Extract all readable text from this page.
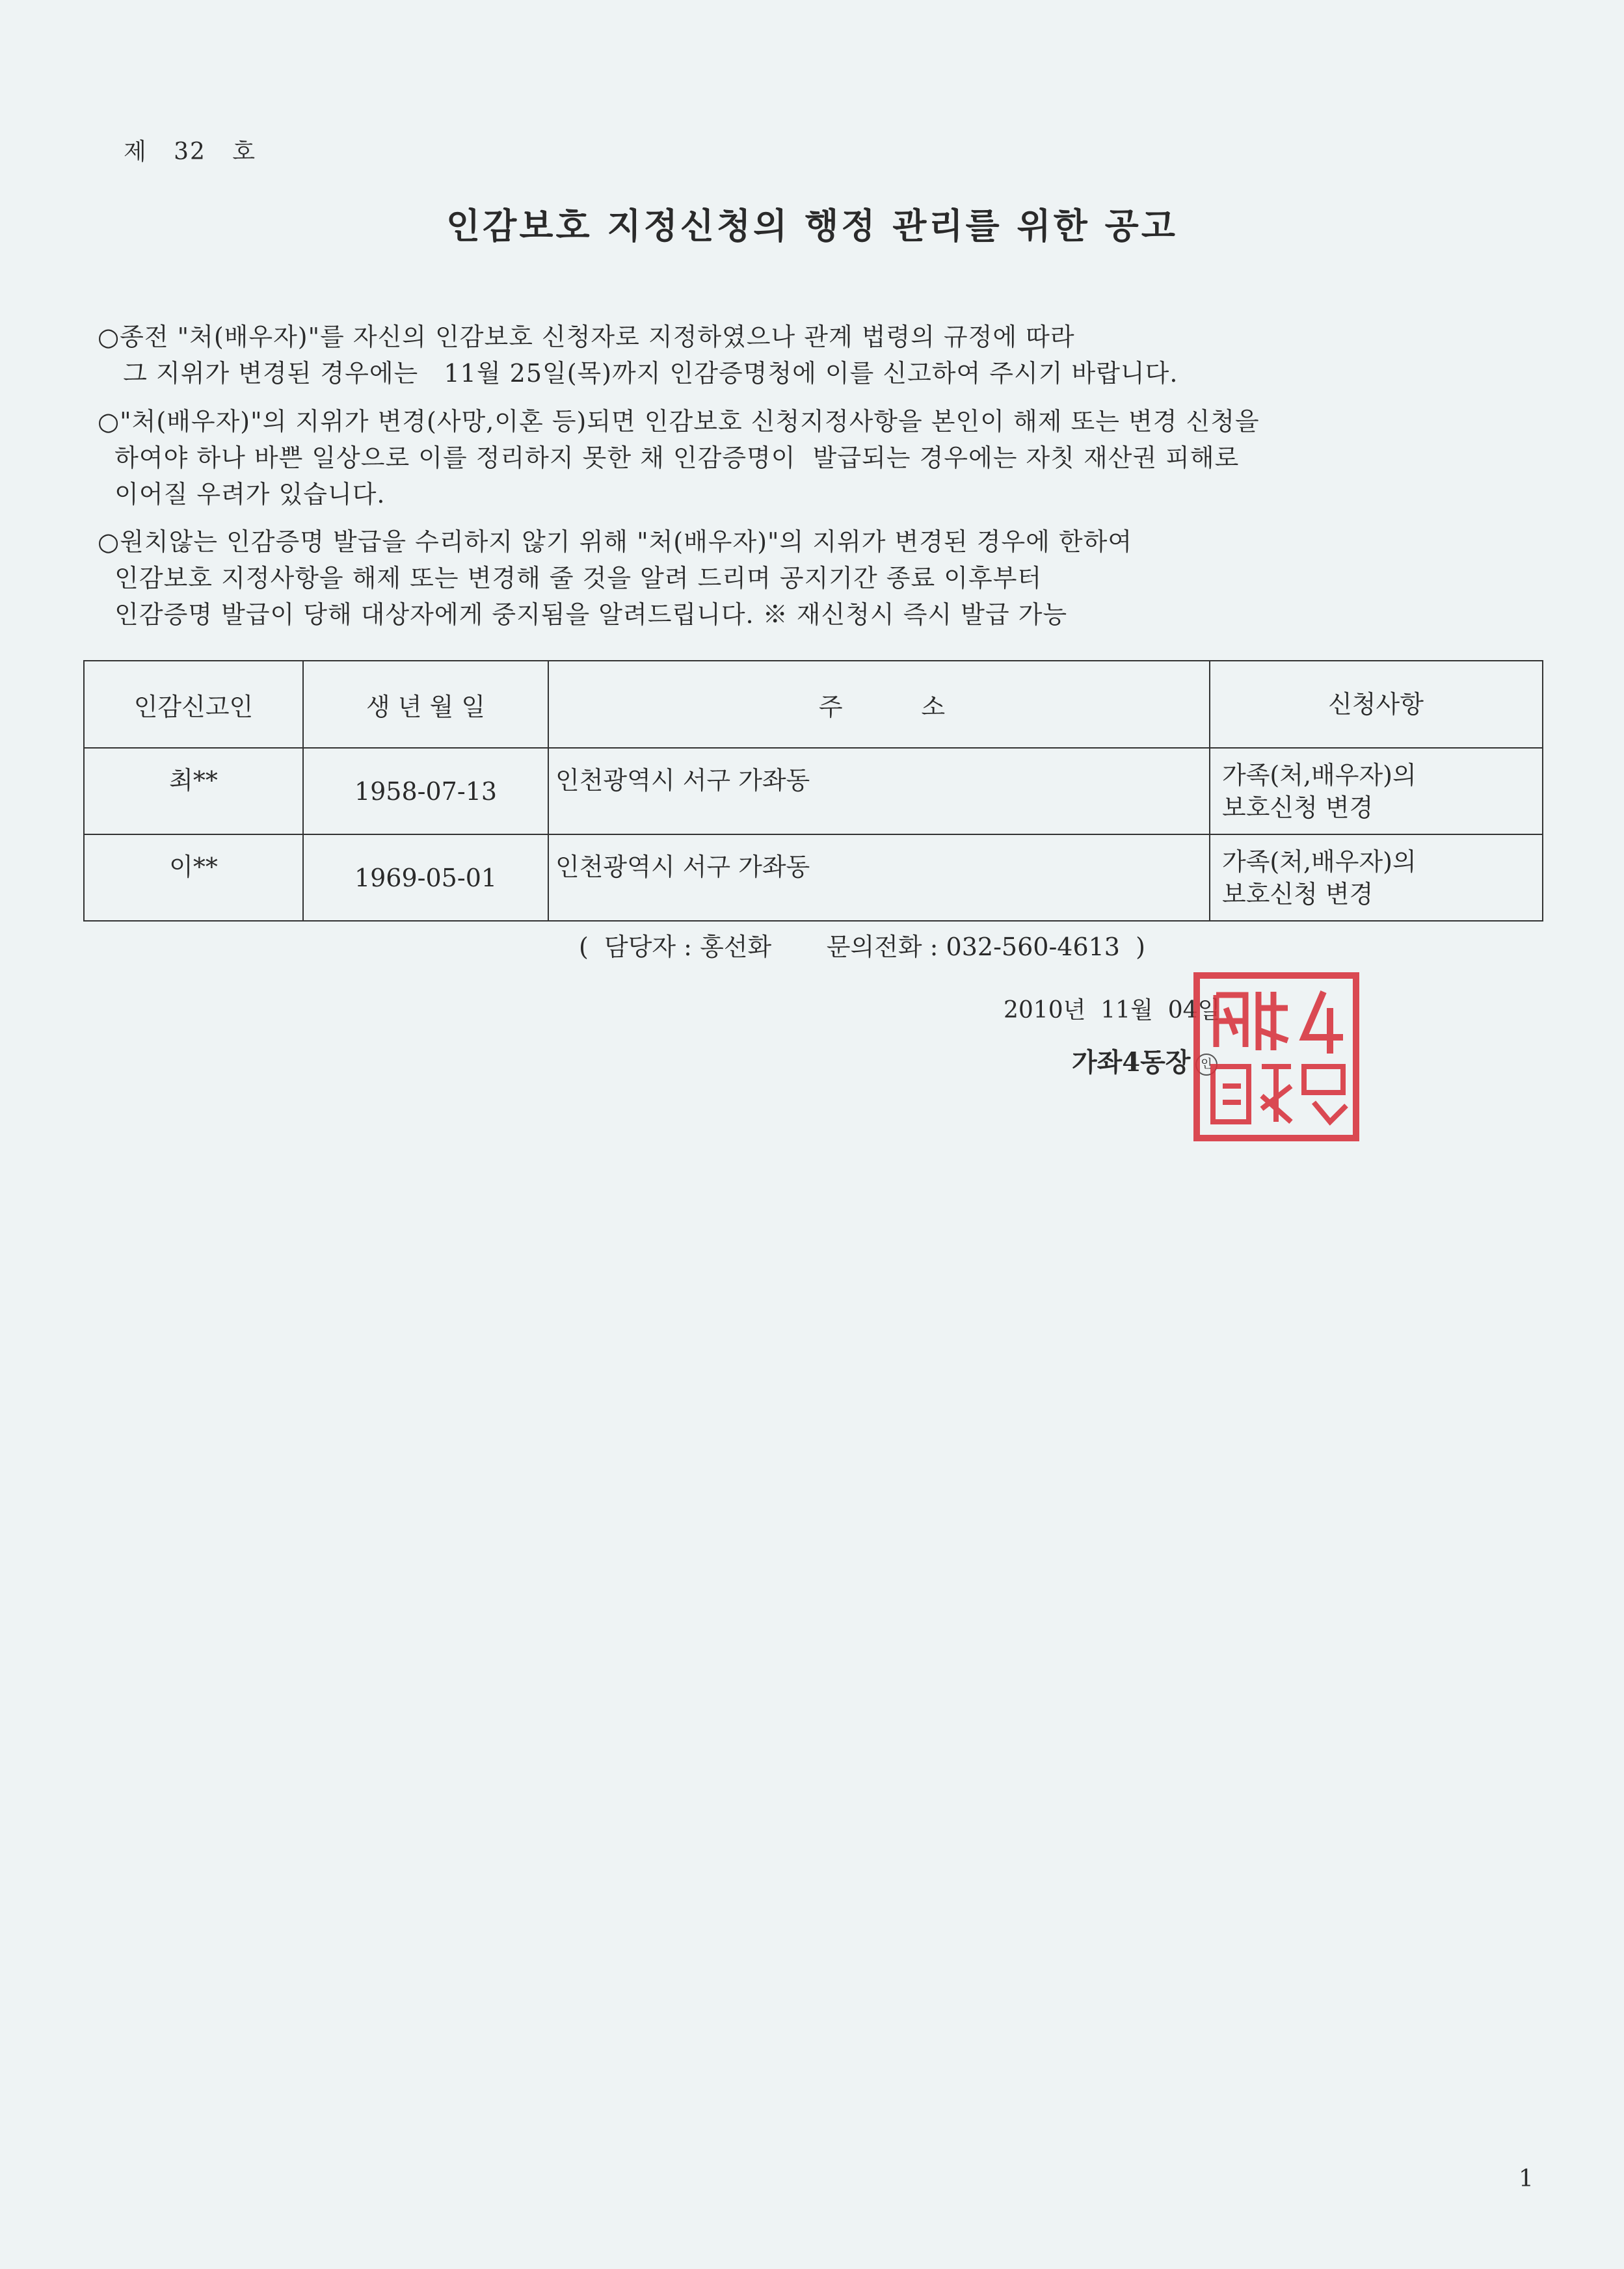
제   32   호
인감보호 지정신청의 행정 관리를 위한 공고
○종전 "처(배우자)"를 자신의 인감보호 신청자로 지정하였으나 관계 법령의 규정에 따라
그 지위가 변경된 경우에는   11월 25일(목)까지 인감증명청에 이를 신고하여 주시기 바랍니다.
○"처(배우자)"의 지위가 변경(사망,이혼 등)되면 인감보호 신청지정사항을 본인이 해제 또는 변경 신청을
하여야 하나 바쁜 일상으로 이를 정리하지 못한 채 인감증명이  발급되는 경우에는 자칫 재산권 피해로
이어질 우려가 있습니다.
○원치않는 인감증명 발급을 수리하지 않기 위해 "처(배우자)"의 지위가 변경된 경우에 한하여
인감보호 지정사항을 해제 또는 변경해 줄 것을 알려 드리며 공지기간 종료 이후부터
인감증명 발급이 당해 대상자에게 중지됨을 알려드립니다. ※ 재신청시 즉시 발급 가능
인감신고인	생 년 월 일	주          소	신청사항
최**	1958-07-13	인천광역시 서구 가좌동	가족(처,배우자)의
보호신청 변경

이**	1969-05-01	인천광역시 서구 가좌동	가족(처,배우자)의
보호신청 변경
(  담당자 : 홍선화       문의전화 : 032-560-4613  )
2010년  11월  04일
가좌4동장 인
1
